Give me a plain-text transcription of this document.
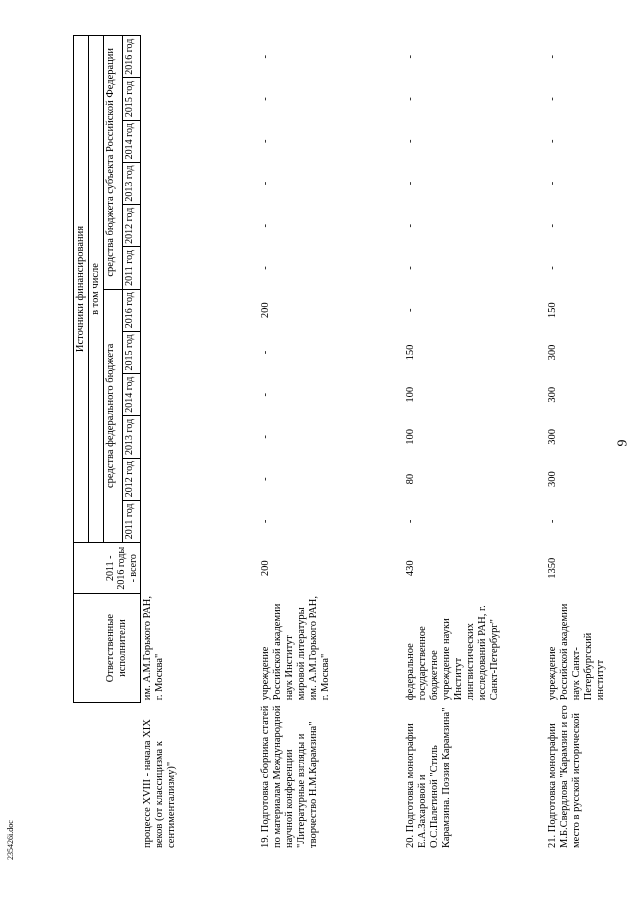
9
235426i.doc
			Источники финансирования											
			в том числе											
	Ответственные исполнители	2011 - 2016 годы - всего	средства федерального бюджета						средства бюджета субъекта Российской Федерации					
			2011 год	2012 год	2013 год	2014 год	2015 год	2016 год	2011 год	2012 год	2013 год	2014 год	2015 год	2016 год
процессе XVIII - начала XIX веков (от классицизма к сентиментализму)"	им. А.М.Горького РАН, г. Москва"													
19. Подготовка сборника статей по материалам Международной научной конференции "Литературные взгляды и творчество Н.М.Карамзина"	учреждение Российской академии наук Институт мировой литературы им. А.М.Горького РАН, г. Москва"	200	-	-	-	-	-	200	-	-	-	-	-	-
20. Подготовка монографии Е.А.Захаровой и О.С.Палетиной "Стиль Карамзина. Поэзия Карамзина"	федеральное государственное бюджетное учреждение науки Институт лингвистических исследований РАН, г. Санкт-Петербург"	430	-	80	100	100	150	-	-	-	-	-	-	-
21. Подготовка монографии М.Б.Свердлова "Карамзин и его место в русской исторической	учреждение Российской академии наук Санкт-Петербургский институт	1350	-	300	300	300	300	150	-	-	-	-	-	-
